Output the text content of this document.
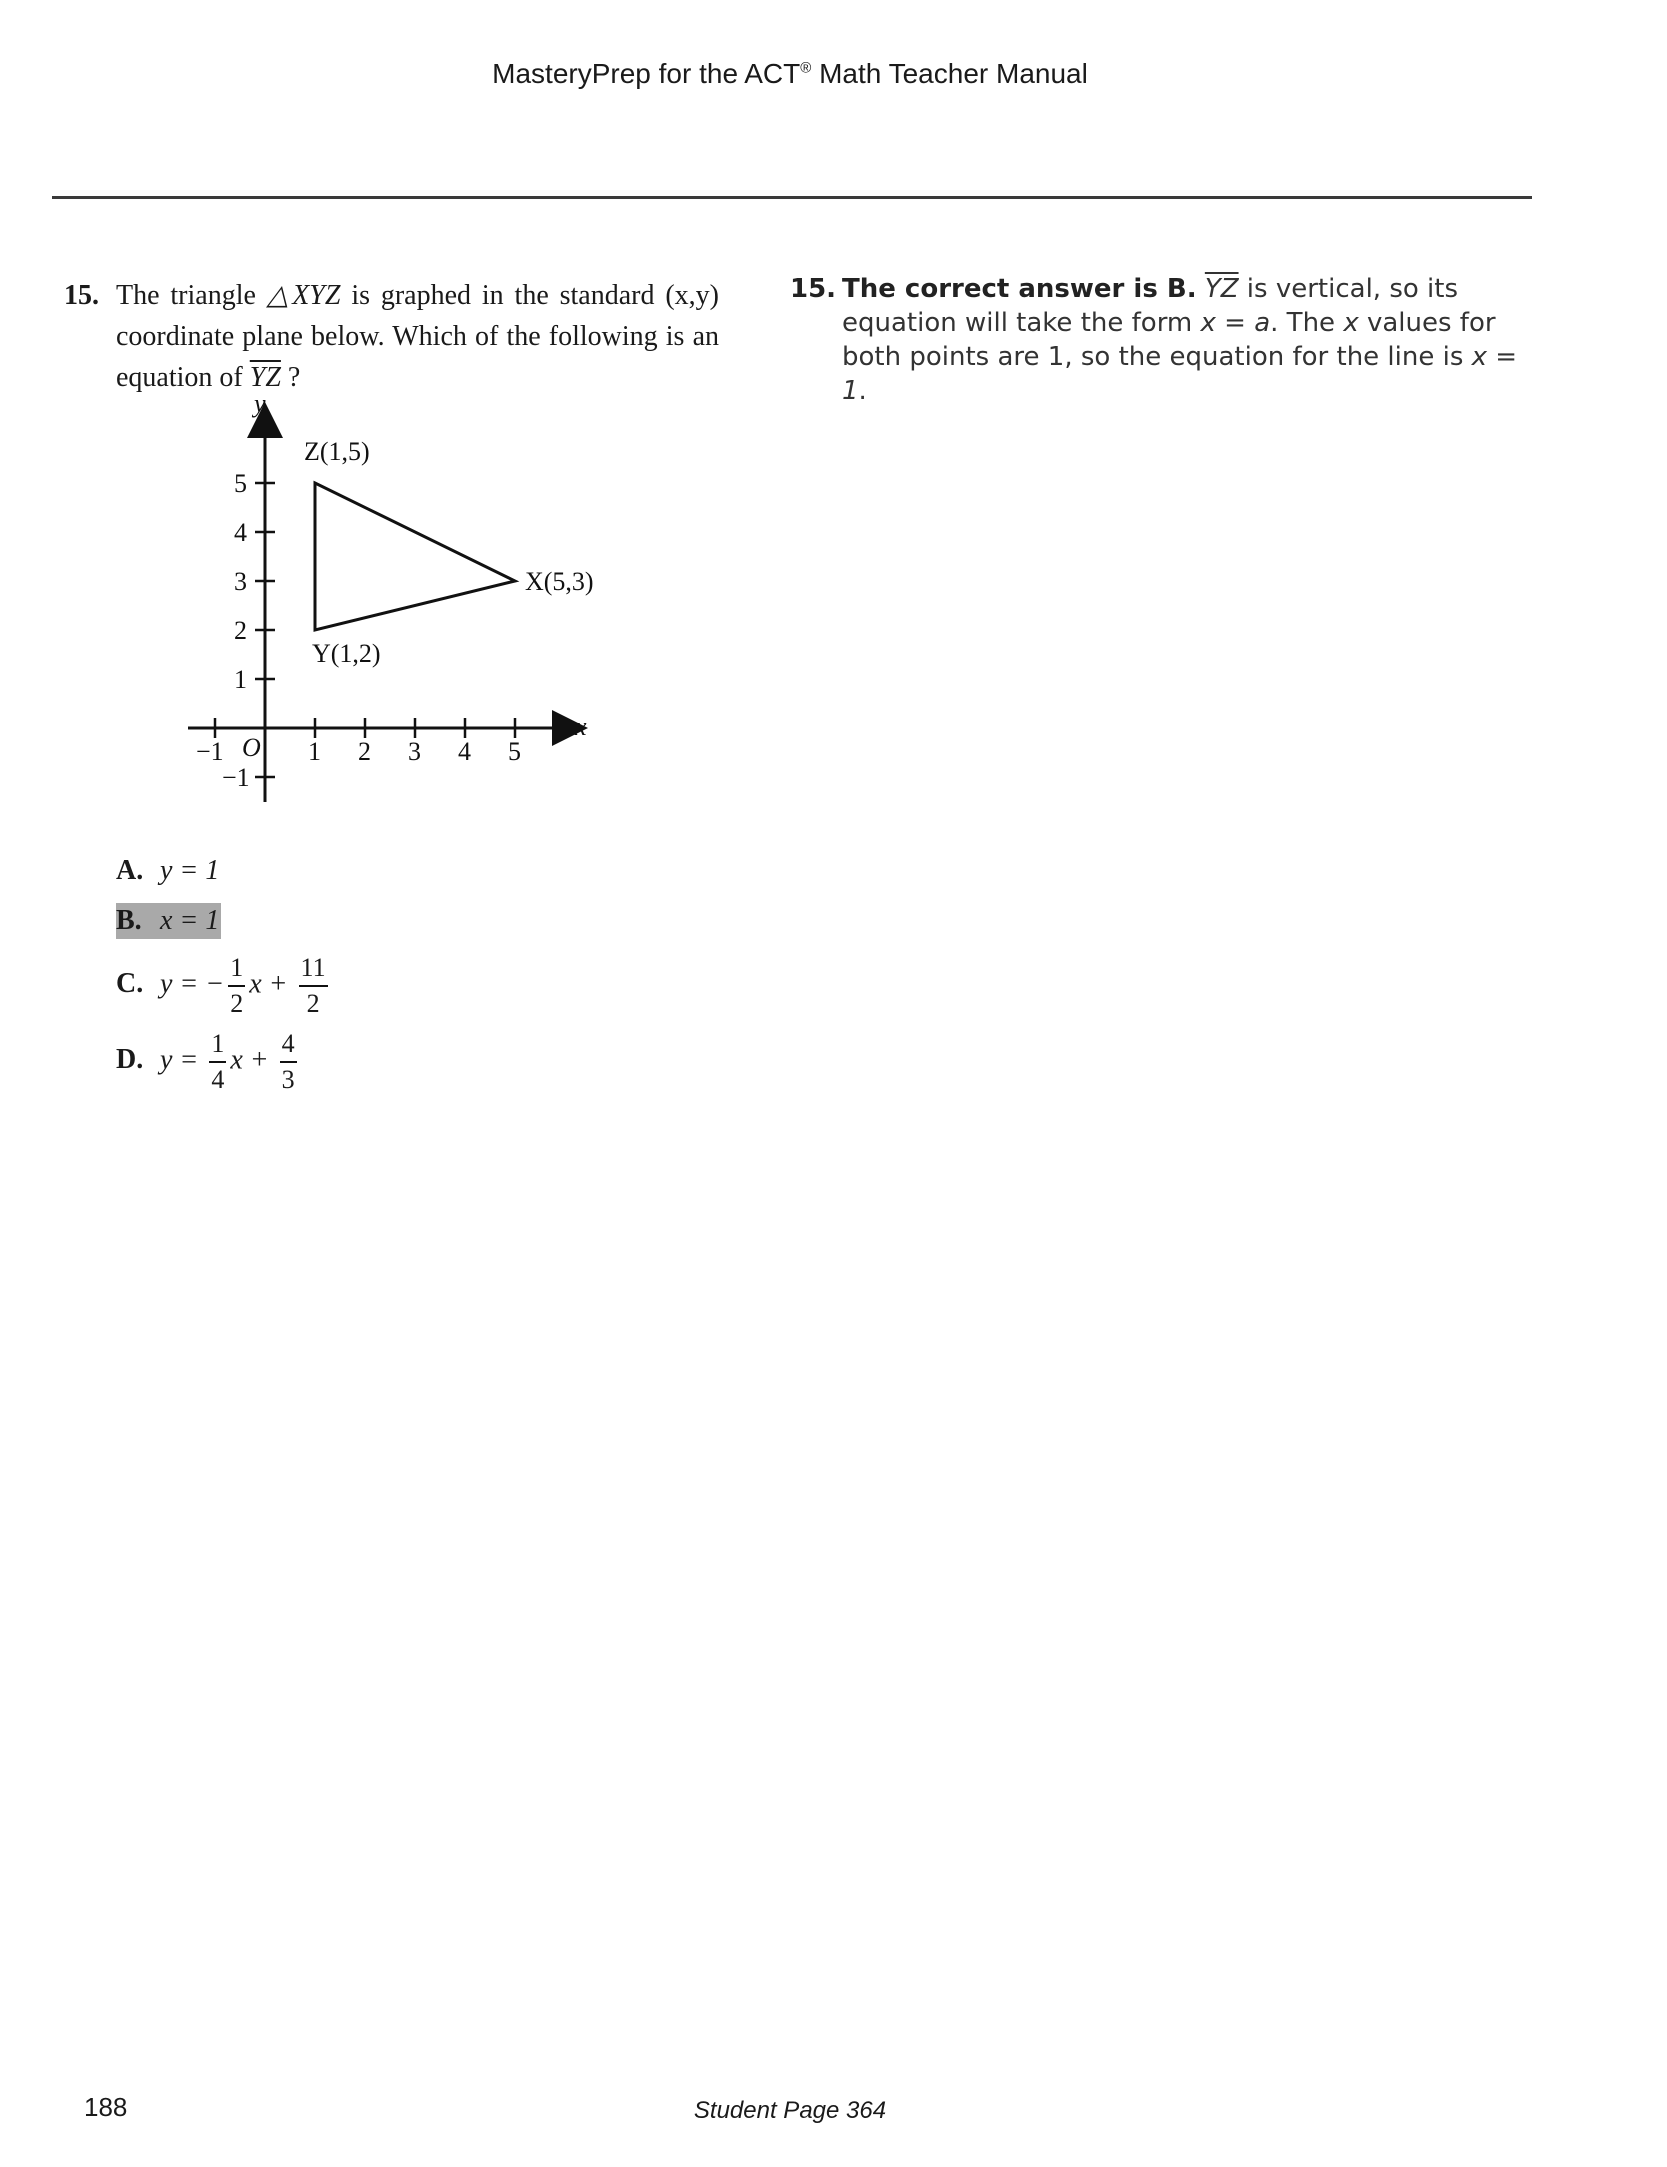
MasteryPrep for the ACT® Math Teacher Manual
15. The triangle △XYZ is graphed in the standard (x,y) coordinate plane below. Which of the following is an equation of $\overline{YZ}$ ?
y
x
O
−1	1 2 3 4 5
5
4
3
2
1
−1
Z(1,5)
X(5,3)
Y(1,2)
A. y = 1
B. x = 1
C. y = − $\frac{1}{2}$ $x + \frac{11}{2}$
D. $y = \frac{1}{4}$ $x + \frac{4}{3}$
15. The correct answer is B. $\overline{YZ}$ is vertical, so its equation will take the form x = a. The x values for both points are 1, so the equation for the line is x = 1.
188	Student Page 364
